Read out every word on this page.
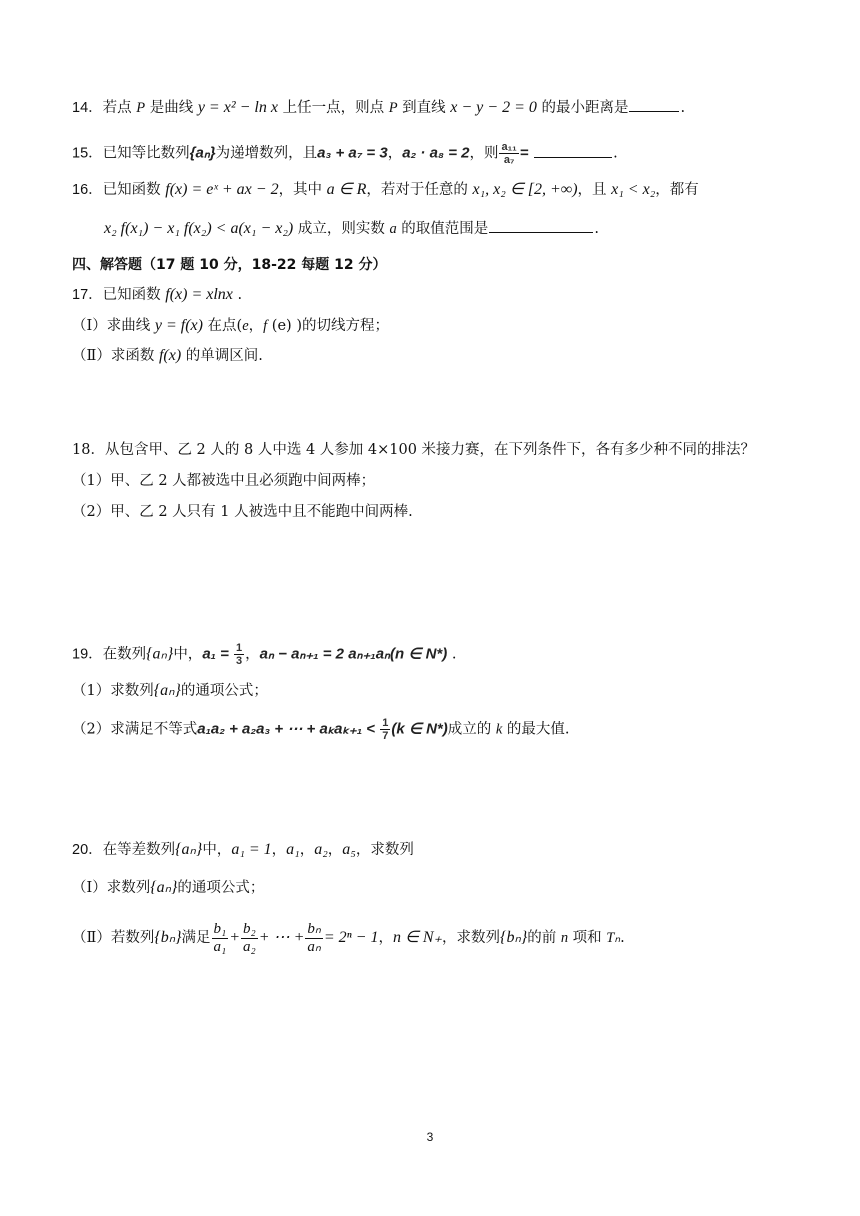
14．若点 P 是曲线 y = x² − ln x 上任一点，则点 P 到直线 x − y − 2 = 0 的最小距离是	.
15．已知等比数列{aₙ}为递增数列，且a₃ + a₇ = 3，a₂ · a₈ = 2，则 $\frac{\text{a₁₁}}{\text{a₇}}$ =	.
16．已知函数 f(x) = eˣ + ax − 2，其中 a ∈ R，若对于任意的 x₁, x₂ ∈ [2, +∞)，且 x₁ < x₂，都有
x₂ f(x₁) − x₁ f(x₂) < a(x₁ − x₂) 成立，则实数 a 的取值范围是	.
四、解答题（17 题 10 分，18-22 每题 12 分）
17．已知函数 f(x) = xlnx .
（Ⅰ）求曲线 y = f(x) 在点(e，f (e) )的切线方程；
（Ⅱ）求函数 f(x) 的单调区间.
18．从包含甲、乙 2 人的 8 人中选 4 人参加 4×100 米接力赛，在下列条件下，各有多少种不同的排法？
（1）甲、乙 2 人都被选中且必须跑中间两棒；
（2）甲、乙 2 人只有 1 人被选中且不能跑中间两棒.
19．在数列{aₙ}中，$a_1 = \frac{1}{3}$ ，aₙ − aₙ₊₁ = 2 aₙ₊₁aₙ(n ∈ N*) .
（1）求数列{aₙ}的通项公式；
（2）求满足不等式a₁a₂ + a₂a₃ + ⋯ + $a_ka_{k+1} < \frac{1}{7} (k$ ∈ N*)成立的 k 的最大值.
20．在等差数列{aₙ}中，a₁ = 1，a₁，a₂，a₅，求数列
（Ⅰ）求数列{aₙ}的通项公式；
（Ⅱ）若数列{bₙ}满足 $\frac{\text{b₁}}{\text{a₁}} + \frac{\text{b₂}}{\text{a₂}}$ + ⋯ + $\frac{\text{bₙ}}{\text{aₙ}} = 2^n - 1$，n ∈ N₊，求数列{bₙ}的前 n 项和 Tₙ.
3
